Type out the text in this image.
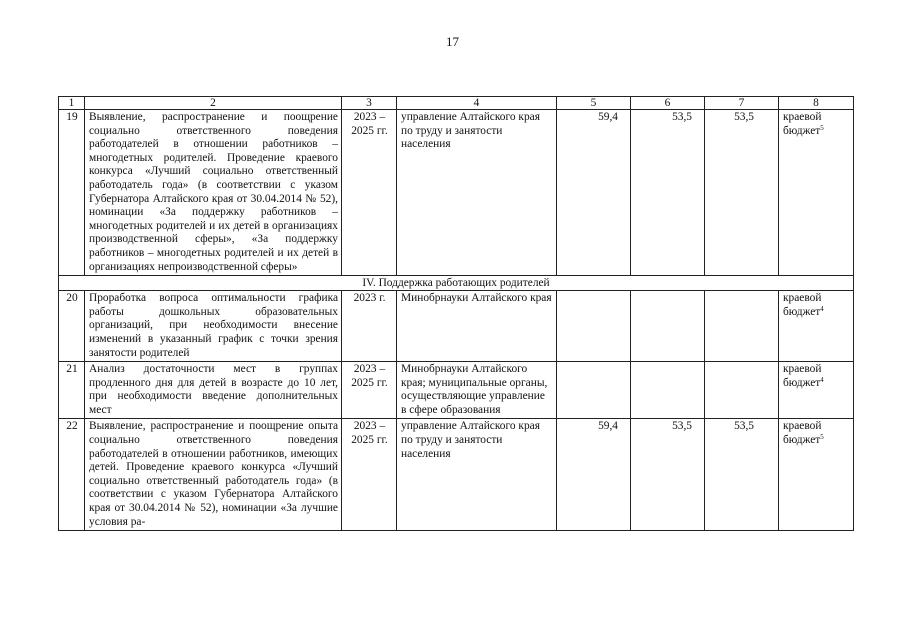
17
1	2	3	4	5	6	7	8
19	Выявление, распространение и поощрение социально ответственного поведения работодателей в отношении работников – многодетных родителей. Проведение краевого конкурса «Лучший социально ответственный работодатель года» (в соответствии с указом Губернатора Алтайского края от 30.04.2014 № 52), номинации «За поддержку работников – многодетных родителей и их детей в организациях производственной сферы», «За поддержку работников – многодетных родителей и их детей в организациях непроизводственной сферы»	2023 – 2025 гг.	управление Алтайского края по труду и занятости населения	59,4	53,5	53,5	краевой бюджет$^5$
IV. Поддержка работающих родителей							
20	Проработка вопроса оптимальности графика работы дошкольных образовательных организаций, при необходимости внесение изменений в указанный график с точки зрения занятости родителей	2023 г.	Минобрнауки Алтайского края				краевой бюджет$^4$
21	Анализ достаточности мест в группах продленного дня для детей в возрасте до 10 лет, при необходимости введение дополнительных мест	2023 – 2025 гг.	Минобрнауки Алтайского края; муниципальные органы, осуществляющие управление в сфере образования				краевой бюджет$^4$
22	Выявление, распространение и поощрение опыта социально ответственного поведения работодателей в отношении работников, имеющих детей. Проведение краевого конкурса «Лучший социально ответственный работодатель года» (в соответствии с указом Губернатора Алтайского края от 30.04.2014 № 52), номинации «За лучшие условия ра-	2023 – 2025 гг.	управление Алтайского края по труду и занятости населения	59,4	53,5	53,5	краевой бюджет$^5$
